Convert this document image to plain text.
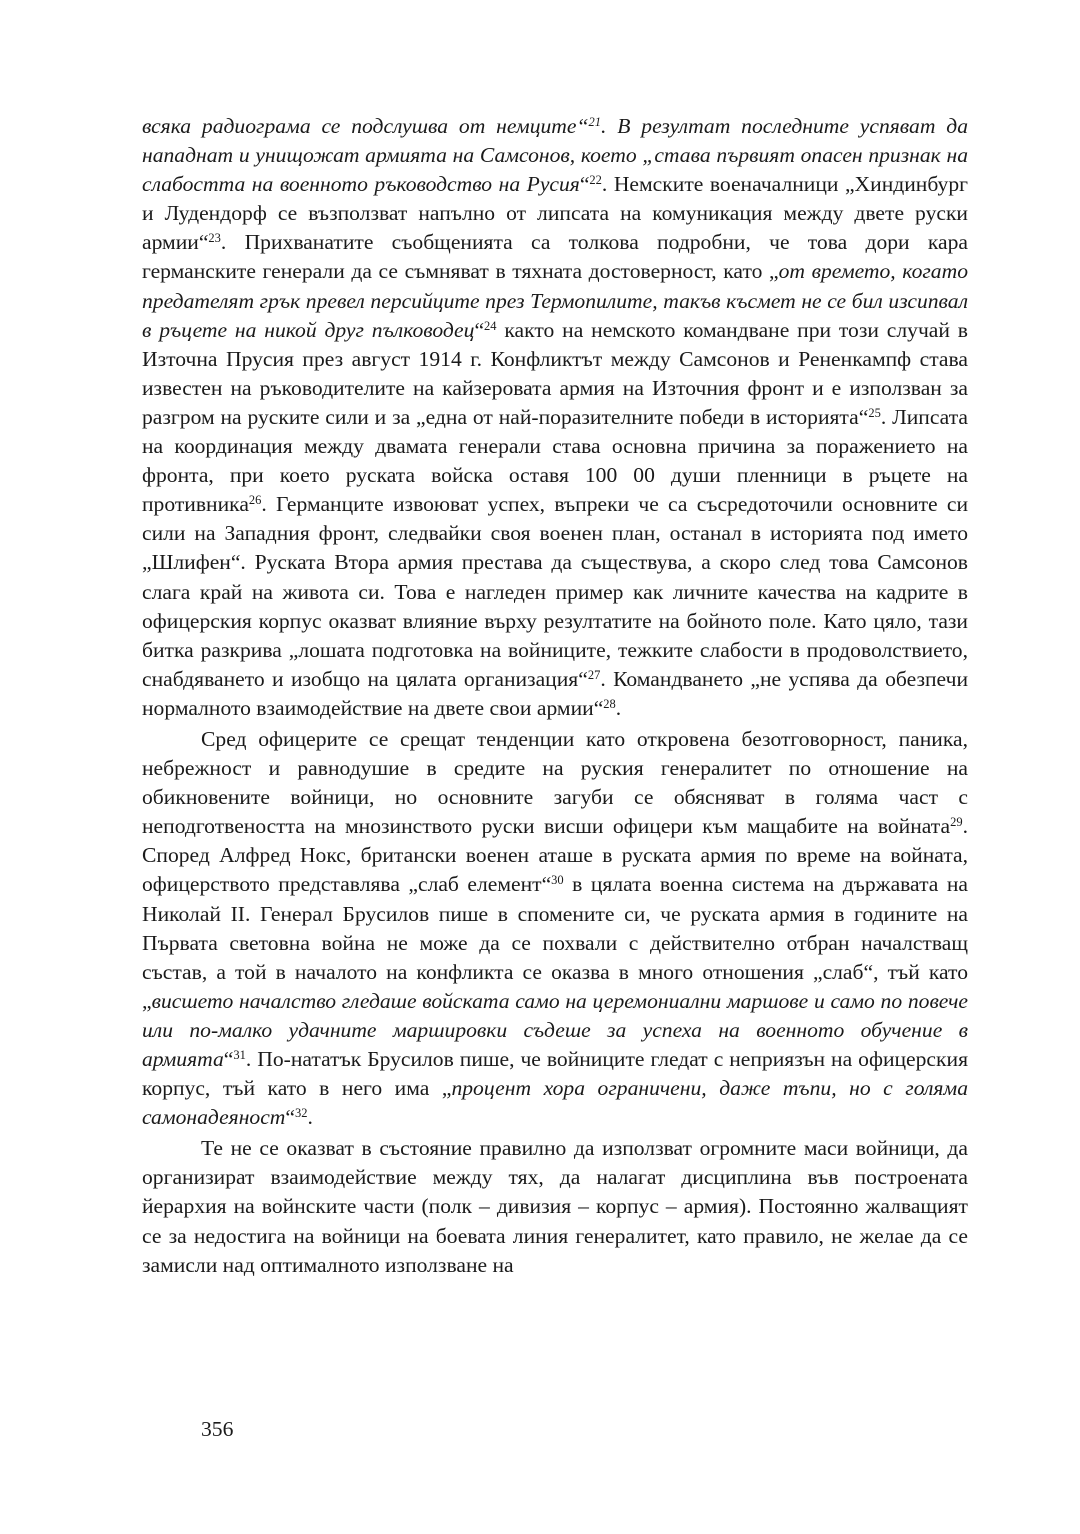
всяка радиограма се подслушва от немците“$^{21}$. В резултат последните успяват да нападнат и унищожат армията на Самсонов, което „става първият опасен признак на слабостта на военното ръководство на Русия“$^{22}$. Немските военачалници „Хиндинбург и Лудендорф се възползват напълно от липсата на комуникация между двете руски армии“$^{23}$. Прихванатите съобщенията са толкова подробни, че това дори кара германските генерали да се съмняват в тяхната достоверност, като „от времето, когато предателят грък превел персийците през Термопилите, такъв късмет не се бил изсипвал в ръцете на никой друг пълководец“$^{24}$ както на немското командване при този случай в Източна Прусия през август 1914 г. Конфликтът между Самсонов и Рененкампф става известен на ръководителите на кайзеровата армия на Източния фронт и е използван за разгром на руските сили и за „една от най-поразителните победи в историята“$^{25}$. Липсата на координация между двамата генерали става основна причина за поражението на фронта, при което руската войска оставя 100 00 души пленници в ръцете на противника$^{26}$. Германците извоюват успех, въпреки че са съсредоточили основните си сили на Западния фронт, следвайки своя военен план, останал в историята под името „Шлифен“. Руската Втора армия престава да съществува, а скоро след това Самсонов слага край на живота си. Това е нагледен пример как личните качества на кадрите в офицерския корпус оказват влияние върху резултатите на бойното поле. Като цяло, тази битка разкрива „лошата подготовка на войниците, тежките слабости в продоволствието, снабдяването и изобщо на цялата организация“$^{27}$. Командването „не успява да обезпечи нормалното взаимодействие на двете свои армии“$^{28}$.

Сред офицерите се срещат тенденции като откровена безотговорност, паника, небрежност и равнодушие в средите на руския генералитет по отношение на обикновените войници, но основните загуби се обясняват в голяма част с неподготвеността на мнозинството руски висши офицери към мащабите на войната$^{29}$. Според Алфред Нокс, британски военен аташе в руската армия по време на войната, офицерството представлява „слаб елемент“$^{30}$ в цялата военна система на държавата на Николай II. Генерал Брусилов пише в спомените си, че руската армия в годините на Първата световна война не може да се похвали с действително отбран началстващ състав, а той в началото на конфликта се оказва в много отношения „слаб“, тъй като „висшето началство гледаше войската само на церемониални маршове и само по повече или по-малко удачните маршировки съдеше за успеха на военното обучение в армията“$^{31}$. По-нататък Брусилов пише, че войниците гледат с неприязън на офицерския корпус, тъй като в него има „процент хора ограничени, даже тъпи, но с голяма самонадеяност“$^{32}$.

Те не се оказват в състояние правилно да използват огромните маси войници, да организират взаимодействие между тях, да налагат дисциплина във построената йерархия на войнските части (полк – дивизия – корпус – армия). Постоянно жалващият се за недостига на войници на боевата линия генералитет, като правило, не желае да се замисли над оптималното използване на

356
